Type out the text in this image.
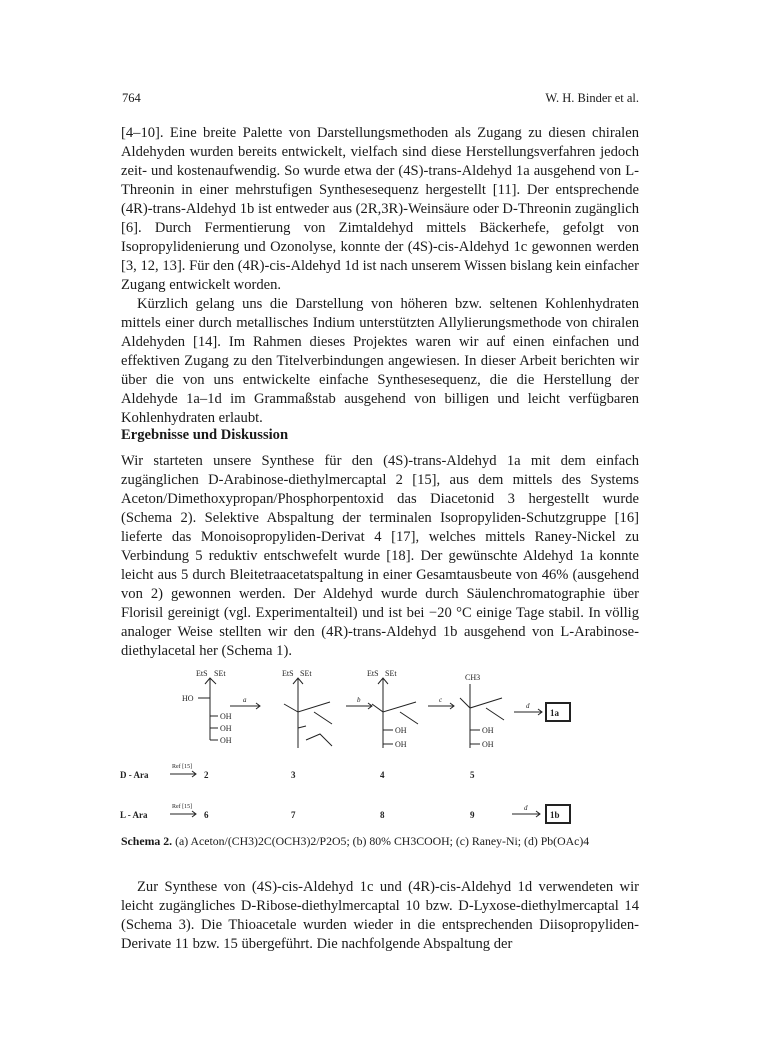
764	W. H. Binder et al.

[4–10]. Eine breite Palette von Darstellungsmethoden als Zugang zu diesen chiralen Aldehyden wurden bereits entwickelt, vielfach sind diese Herstellungsverfahren jedoch zeit- und kostenaufwendig. So wurde etwa der (4S)-trans-Aldehyd 1a ausgehend von L-Threonin in einer mehrstufigen Synthesesequenz hergestellt [11]. Der entsprechende (4R)-trans-Aldehyd 1b ist entweder aus (2R,3R)-Weinsäure oder D-Threonin zugänglich [6]. Durch Fermentierung von Zimtaldehyd mittels Bäckerhefe, gefolgt von Isopropylidenierung und Ozonolyse, konnte der (4S)-cis-Aldehyd 1c gewonnen werden [3, 12, 13]. Für den (4R)-cis-Aldehyd 1d ist nach unserem Wissen bislang kein einfacher Zugang entwickelt worden.

Kürzlich gelang uns die Darstellung von höheren bzw. seltenen Kohlenhydraten mittels einer durch metallisches Indium unterstützten Allylierungsmethode von chiralen Aldehyden [14]. Im Rahmen dieses Projektes waren wir auf einen einfachen und effektiven Zugang zu den Titelverbindungen angewiesen. In dieser Arbeit berichten wir über die von uns entwickelte einfache Synthesesequenz, die die Herstellung der Aldehyde 1a–1d im Grammaßstab ausgehend von billigen und leicht verfügbaren Kohlenhydraten erlaubt.

Ergebnisse und Diskussion

Wir starteten unsere Synthese für den (4S)-trans-Aldehyd 1a mit dem einfach zugänglichen D-Arabinose-diethylmercaptal 2 [15], aus dem mittels des Systems Aceton/Dimethoxypropan/Phosphorpentoxid das Diacetonid 3 hergestellt wurde (Schema 2). Selektive Abspaltung der terminalen Isopropyliden-Schutzgruppe [16] lieferte das Monoisopropyliden-Derivat 4 [17], welches mittels Raney-Nickel zu Verbindung 5 reduktiv entschwefelt wurde [18]. Der gewünschte Aldehyd 1a konnte leicht aus 5 durch Bleitetraacetatspaltung in einer Gesamtausbeute von 46% (ausgehend von 2) gewonnen werden. Der Aldehyd wurde durch Säulenchromatographie über Florisil gereinigt (vgl. Experimentalteil) und ist bei −20 °C einige Tage stabil. In völlig analoger Weise stellten wir den (4R)-trans-Aldehyd 1b ausgehend von L-Arabinose-diethylacetal her (Schema 1).

EtS SEt
HO
OH
OH
OH
EtS SEt	EtS SEt
OH
OH
CH3
OH
OH
a	b	c
d
d
1a
1b
Ref [15]
Ref [15]
D - Ara
L - Ara
2	3	4	5
6	7	8	9
Schema 2. (a) Aceton/(CH3)2C(OCH3)2/P2O5; (b) 80% CH3COOH; (c) Raney-Ni; (d) Pb(OAc)4

Zur Synthese von (4S)-cis-Aldehyd 1c und (4R)-cis-Aldehyd 1d verwendeten wir leicht zugängliches D-Ribose-diethylmercaptal 10 bzw. D-Lyxose-diethylmercaptal 14 (Schema 3). Die Thioacetale wurden wieder in die entsprechenden Diisopropyliden-Derivate 11 bzw. 15 übergeführt. Die nachfolgende Abspaltung der
